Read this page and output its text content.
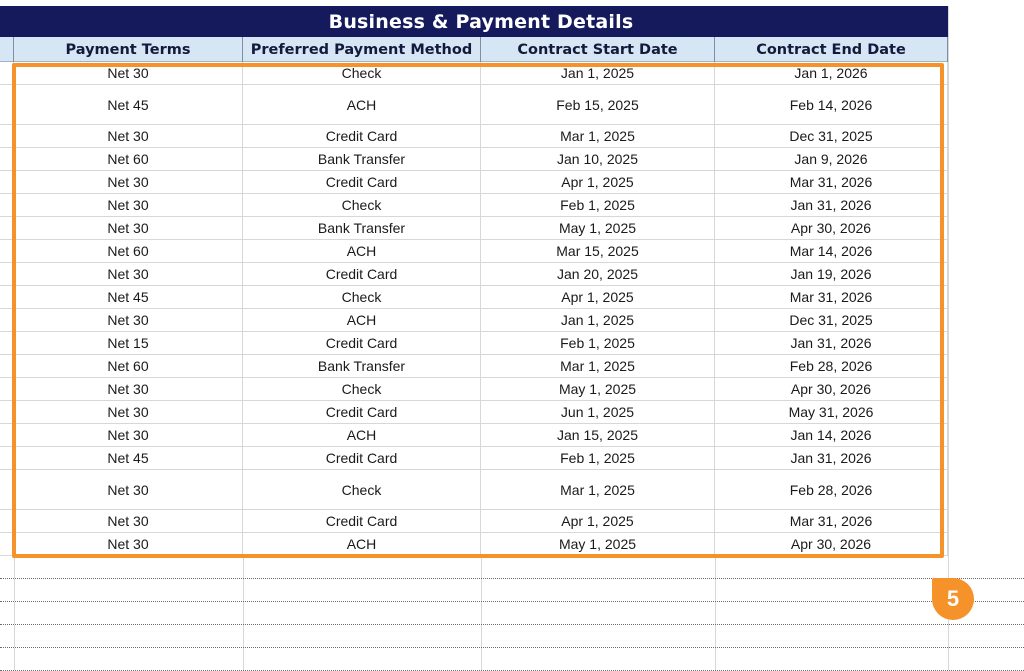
Business & Payment Details
Payment Terms	Preferred Payment Method	Contract Start Date	Contract End Date
Net 30	Check	Jan 1, 2025	Jan 1, 2026
Net 45	ACH	Feb 15, 2025	Feb 14, 2026
Net 30	Credit Card	Mar 1, 2025	Dec 31, 2025
Net 60	Bank Transfer	Jan 10, 2025	Jan 9, 2026
Net 30	Credit Card	Apr 1, 2025	Mar 31, 2026
Net 30	Check	Feb 1, 2025	Jan 31, 2026
Net 30	Bank Transfer	May 1, 2025	Apr 30, 2026
Net 60	ACH	Mar 15, 2025	Mar 14, 2026
Net 30	Credit Card	Jan 20, 2025	Jan 19, 2026
Net 45	Check	Apr 1, 2025	Mar 31, 2026
Net 30	ACH	Jan 1, 2025	Dec 31, 2025
Net 15	Credit Card	Feb 1, 2025	Jan 31, 2026
Net 60	Bank Transfer	Mar 1, 2025	Feb 28, 2026
Net 30	Check	May 1, 2025	Apr 30, 2026
Net 30	Credit Card	Jun 1, 2025	May 31, 2026
Net 30	ACH	Jan 15, 2025	Jan 14, 2026
Net 45	Credit Card	Feb 1, 2025	Jan 31, 2026
Net 30	Check	Mar 1, 2025	Feb 28, 2026
Net 30	Credit Card	Apr 1, 2025	Mar 31, 2026
Net 30	ACH	May 1, 2025	Apr 30, 2026
5
